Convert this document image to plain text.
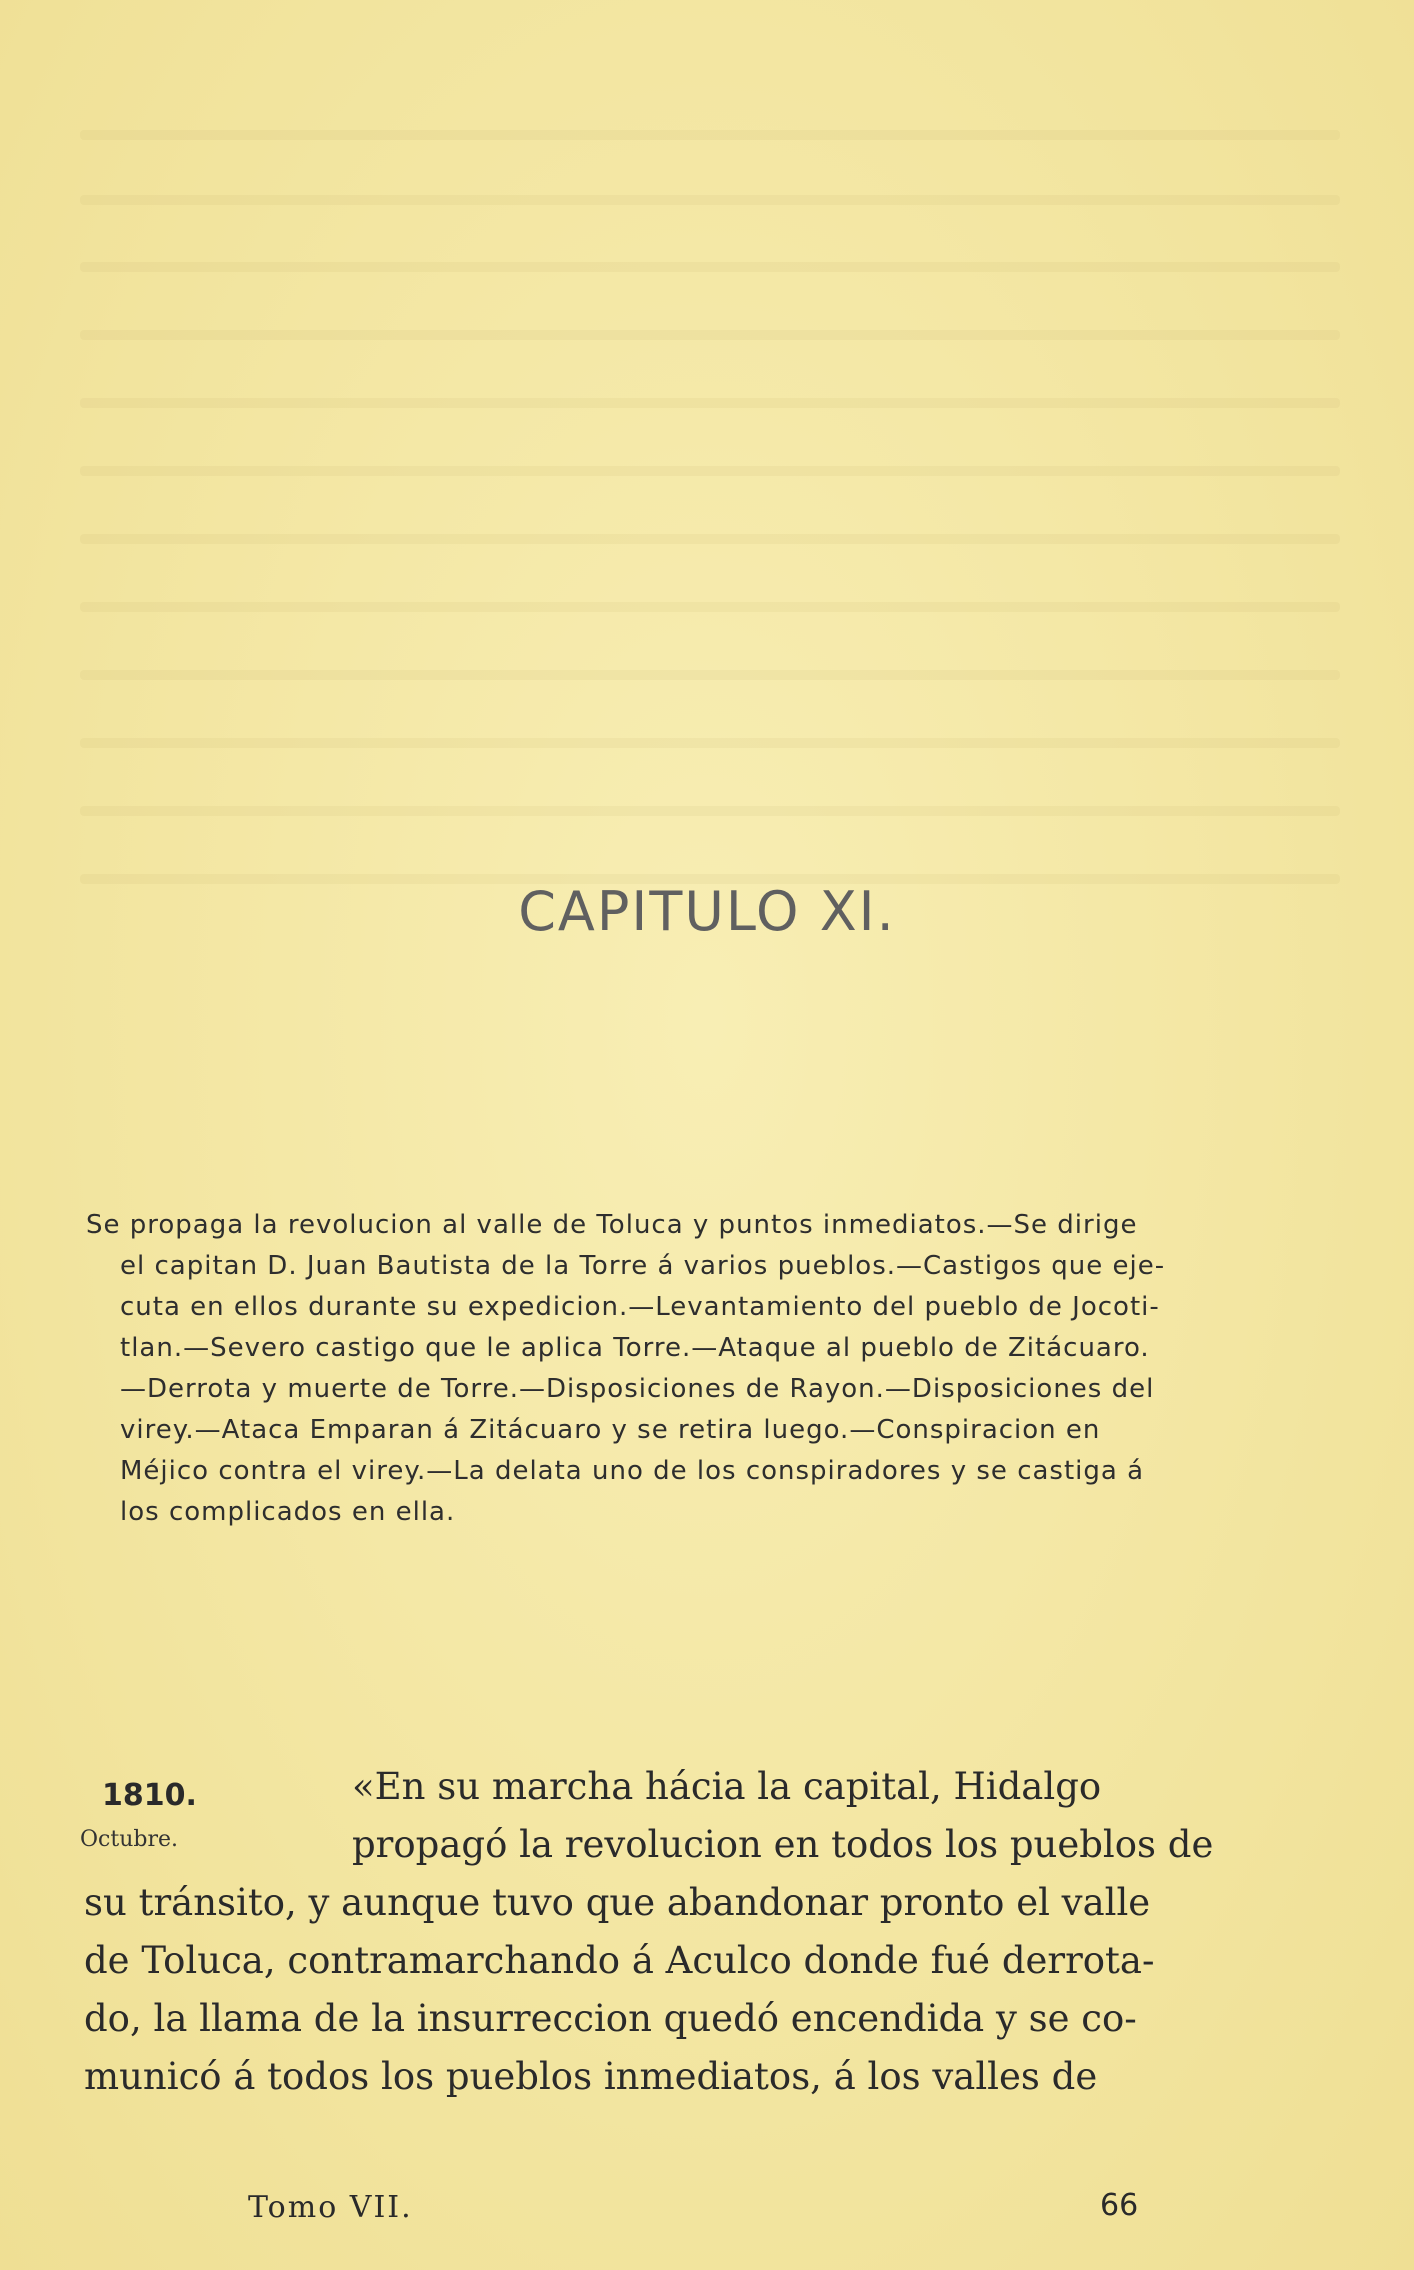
CAPITULO XI.
Se propaga la revolucion al valle de Toluca y puntos inmediatos.—Se dirige
el capitan D. Juan Bautista de la Torre á varios pueblos.—Castigos que eje-
cuta en ellos durante su expedicion.—Levantamiento del pueblo de Jocoti-
tlan.—Severo castigo que le aplica Torre.—Ataque al pueblo de Zitácuaro.
—Derrota y muerte de Torre.—Disposiciones de Rayon.—Disposiciones del
virey.—Ataca Emparan á Zitácuaro y se retira luego.—Conspiracion en
Méjico contra el virey.—La delata uno de los conspiradores y se castiga á
los complicados en ella.
1810.
Octubre.
«En su marcha hácia la capital, Hidalgo
propagó la revolucion en todos los pueblos de
su tránsito, y aunque tuvo que abandonar pronto el valle
de Toluca, contramarchando á Aculco donde fué derrota-
do, la llama de la insurreccion quedó encendida y se co-
municó á todos los pueblos inmediatos, á los valles de
Tomo VII.	66
